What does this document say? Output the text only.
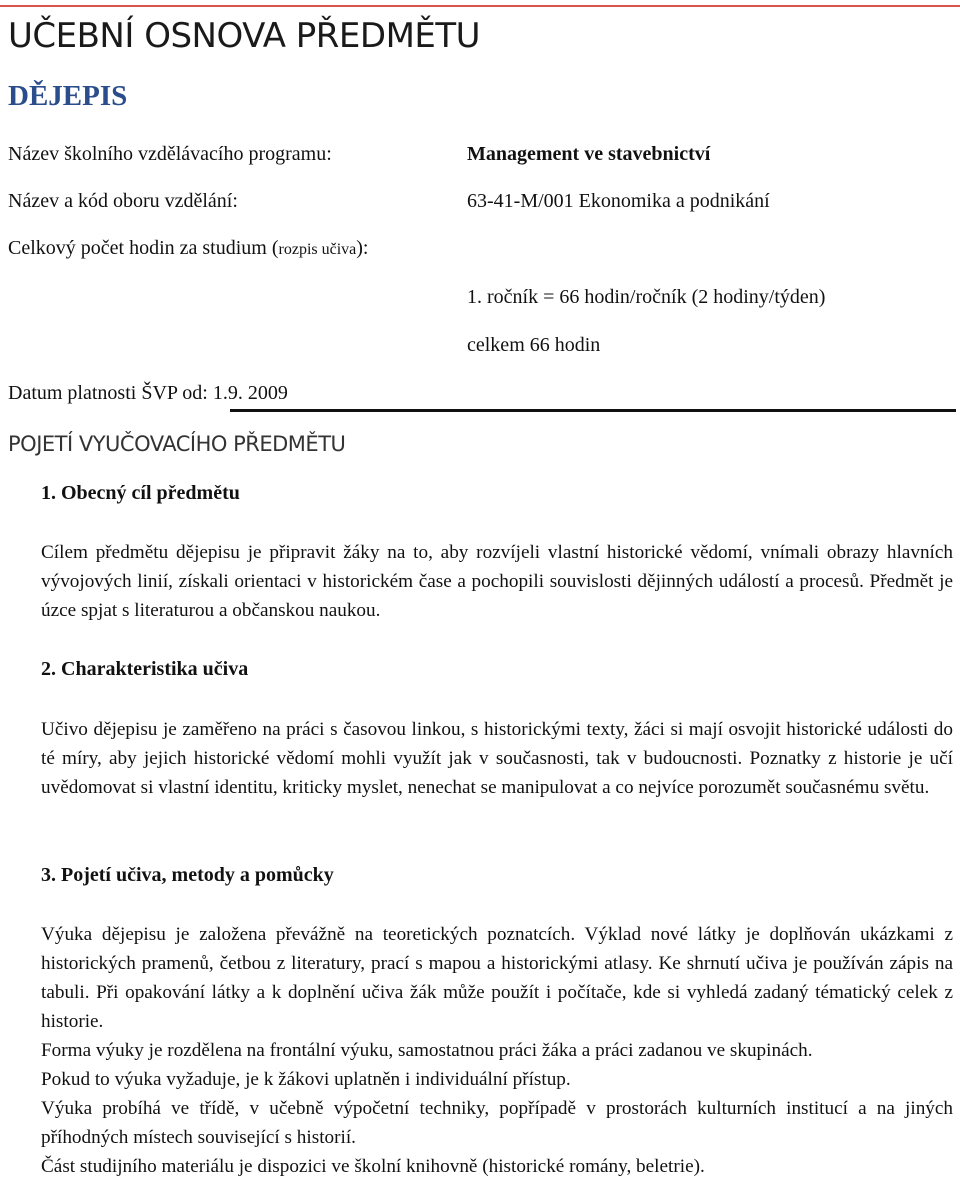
UČEBNÍ OSNOVA PŘEDMĚTU
DĚJEPIS
Název školního vzdělávacího programu:	Management ve stavebnictví
Název a kód oboru vzdělání:	63-41-M/001 Ekonomika a podnikání
Celkový počet hodin za studium (rozpis učiva):
1. ročník = 66 hodin/ročník (2 hodiny/týden)
celkem 66 hodin
Datum platnosti ŠVP od: 1.9. 2009
POJETÍ VYUČOVACÍHO PŘEDMĚTU
1. Obecný cíl předmětu

Cílem předmětu dějepisu je připravit žáky na to, aby rozvíjeli vlastní historické vědomí, vnímali obrazy hlavních vývojových linií, získali orientaci v historickém čase a pochopili souvislosti dějinných událostí a procesů. Předmět je úzce spjat s literaturou a občanskou naukou.

2. Charakteristika učiva

Učivo dějepisu je zaměřeno na práci s časovou linkou, s historickými texty, žáci si mají osvojit historické události do té míry, aby jejich historické vědomí mohli využít jak v současnosti, tak v budoucnosti. Poznatky z historie je učí uvědomovat si vlastní identitu, kriticky myslet, nenechat se manipulovat a co nejvíce porozumět současnému světu.

3. Pojetí učiva, metody a pomůcky

Výuka dějepisu je založena převážně na teoretických poznatcích. Výklad nové látky je doplňován ukázkami z historických pramenů, četbou z literatury, prací s mapou a historickými atlasy. Ke shrnutí učiva je používán zápis na tabuli. Při opakování látky a k doplnění učiva žák může použít i počítače, kde si vyhledá zadaný tématický celek z historie.

Forma výuky je rozdělena na frontální výuku, samostatnou práci žáka a práci zadanou ve skupinách.

Pokud to výuka vyžaduje, je k žákovi uplatněn i individuální přístup.

Výuka probíhá ve třídě, v učebně výpočetní techniky, popřípadě v prostorách kulturních institucí a na jiných příhodných místech související s historií.

Část studijního materiálu je dispozici ve školní knihovně (historické romány, beletrie).
